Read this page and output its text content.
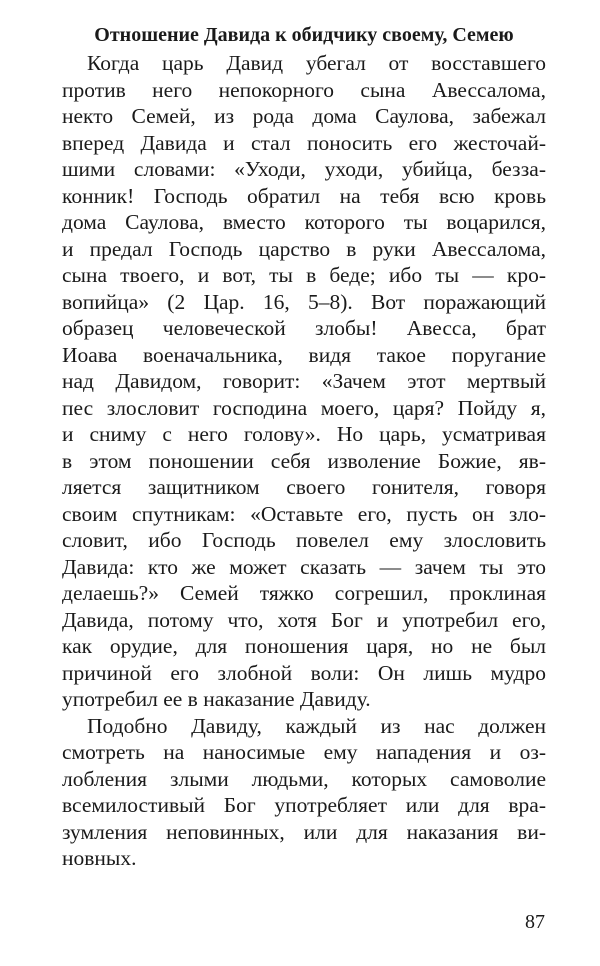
Отношение Давида к обидчику своему, Семею
Когда царь Давид убегал от восставшего
против него непокорного сына Авессалома,
некто Семей, из рода дома Саулова, забежал
вперед Давида и стал поносить его жесточай-
шими словами: «Уходи, уходи, убийца, безза-
конник! Господь обратил на тебя всю кровь
дома Саулова, вместо которого ты воцарился,
и предал Господь царство в руки Авессалома,
сына твоего, и вот, ты в беде; ибо ты — кро-
вопийца» (2 Цар. 16, 5–8). Вот поражающий
образец человеческой злобы! Авесса, брат
Иоава военачальника, видя такое поругание
над Давидом, говорит: «Зачем этот мертвый
пес злословит господина моего, царя? Пойду я,
и сниму с него голову». Но царь, усматривая
в этом поношении себя изволение Божие, яв-
ляется защитником своего гонителя, говоря
своим спутникам: «Оставьте его, пусть он зло-
словит, ибо Господь повелел ему злословить
Давида: кто же может сказать — зачем ты это
делаешь?» Семей тяжко согрешил, проклиная
Давида, потому что, хотя Бог и употребил его,
как орудие, для поношения царя, но не был
причиной его злобной воли: Он лишь мудро
употребил ее в наказание Давиду.
Подобно Давиду, каждый из нас должен
смотреть на наносимые ему нападения и оз-
лобления злыми людьми, которых самоволие
всемилостивый Бог употребляет или для вра-
зумления неповинных, или для наказания ви-
новных.
87
